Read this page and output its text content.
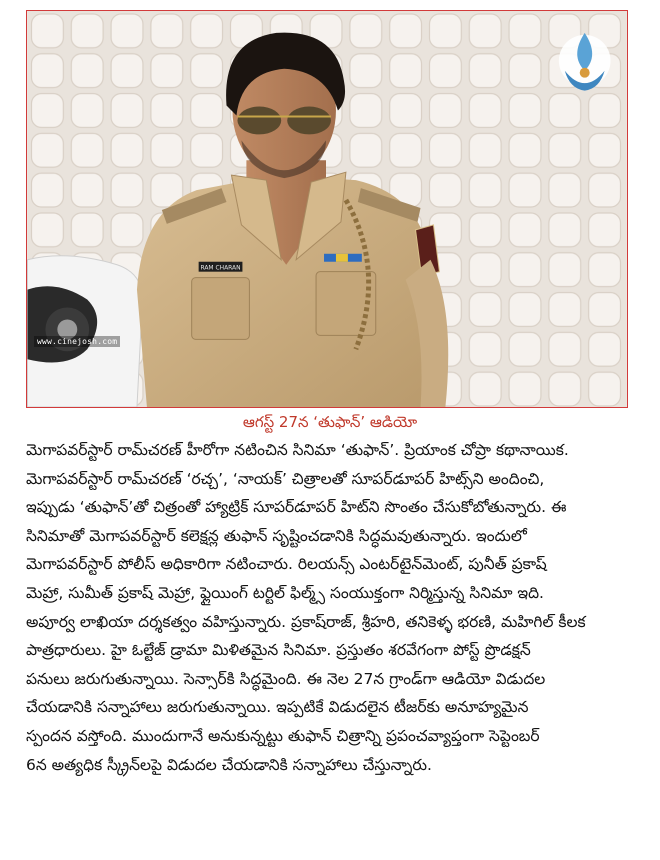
RAM CHARAN
www.cinejosh.com
ఆగస్ట్ 27న ‘తుఫాన్’ ఆడియో
మెగాపవర్‌స్టార్ రామ్‌చరణ్ హీరోగా నటించిన సినిమా ‘తుఫాన్’. ప్రియాంక చోప్రా కథానాయిక.
మెగాపవర్‌స్టార్ రామ్‌చరణ్ ‘రచ్చ’, ‘నాయక్’ చిత్రాలతో సూపర్‌డూపర్ హిట్స్‌ని అందించి,
ఇప్పుడు ‘తుఫాన్’తో చిత్రంతో హ్యాట్రిక్ సూపర్‌డూపర్ హిట్‌ని సొంతం చేసుకోబోతున్నారు. ఈ
సినిమాతో మెగాపవర్‌స్టార్ కలెక్షన్ల తుఫాన్ సృష్టించడానికి సిద్ధమవుతున్నారు. ఇందులో
మెగాపవర్‌స్టార్ పోలీస్ అధికారిగా నటించారు. రిలయన్స్ ఎంటర్‌టైన్‌మెంట్, పునీత్ ప్రకాష్
మెహ్రా, సుమీత్ ప్రకాష్ మెహ్రా, ఫ్లైయింగ్ టర్టిల్ ఫిల్మ్స్ సంయుక్తంగా నిర్మిస్తున్న సినిమా ఇది.
అపూర్వ లాఖియా దర్శకత్వం వహిస్తున్నారు. ప్రకాష్‌రాజ్, శ్రీహరి, తనికెళ్ళ భరణి, మహిగిల్ కీలక
పాత్రధారులు. హై ఓల్టేజ్ డ్రామా మిళితమైన సినిమా. ప్రస్తుతం శరవేగంగా పోస్ట్ ప్రొడక్షన్
పనులు జరుగుతున్నాయి. సెన్సార్‌కి సిద్ధమైంది. ఈ నెల 27న గ్రాండ్‌గా ఆడియో విడుదల
చేయడానికి సన్నాహాలు జరుగుతున్నాయి. ఇప్పటికే విడుదలైన టీజర్‌కు అనూహ్యమైన
స్పందన వస్తోంది. ముందుగానే అనుకున్నట్టు తుఫాన్ చిత్రాన్ని ప్రపంచవ్యాప్తంగా సెప్టెంబర్
6న అత్యధిక స్క్రీన్‌లపై విడుదల చేయడానికి సన్నాహాలు చేస్తున్నారు.
